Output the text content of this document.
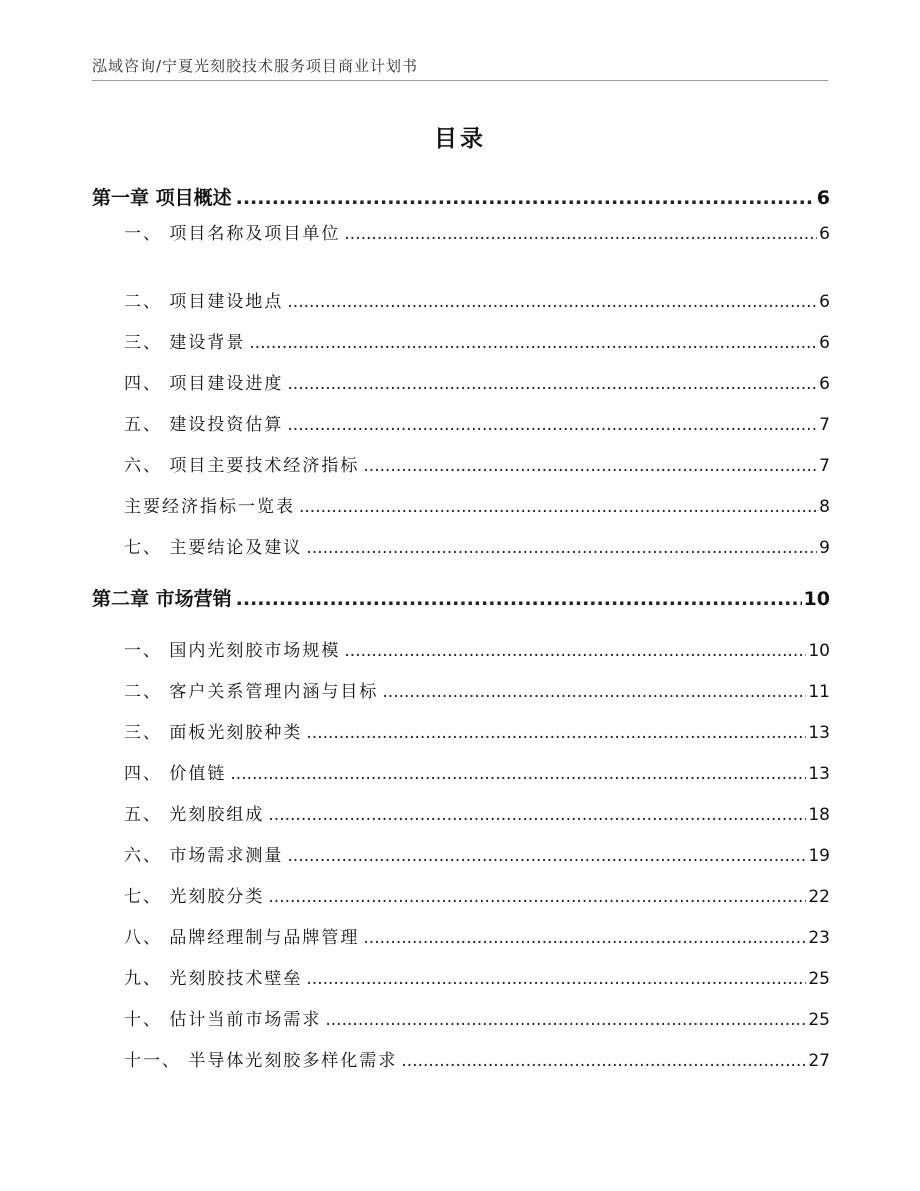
泓域咨询/宁夏光刻胶技术服务项目商业计划书
目录
第一章 项目概述 .....	6
一、 项目名称及项目单位 .....	6
二、 项目建设地点 .....	6
三、 建设背景 .....	6
四、 项目建设进度 .....	6
五、 建设投资估算 .....	7
六、 项目主要技术经济指标 .....	7
主要经济指标一览表 .....	8
七、 主要结论及建议 .....	9
第二章 市场营销 .....	10
一、 国内光刻胶市场规模 .....	10
二、 客户关系管理内涵与目标 .....	11
三、 面板光刻胶种类 .....	13
四、 价值链 .....	13
五、 光刻胶组成 .....	18
六、 市场需求测量 .....	19
七、 光刻胶分类 .....	22
八、 品牌经理制与品牌管理 .....	23
九、 光刻胶技术壁垒 .....	25
十、 估计当前市场需求 .....	25
十一、 半导体光刻胶多样化需求 .....	27
